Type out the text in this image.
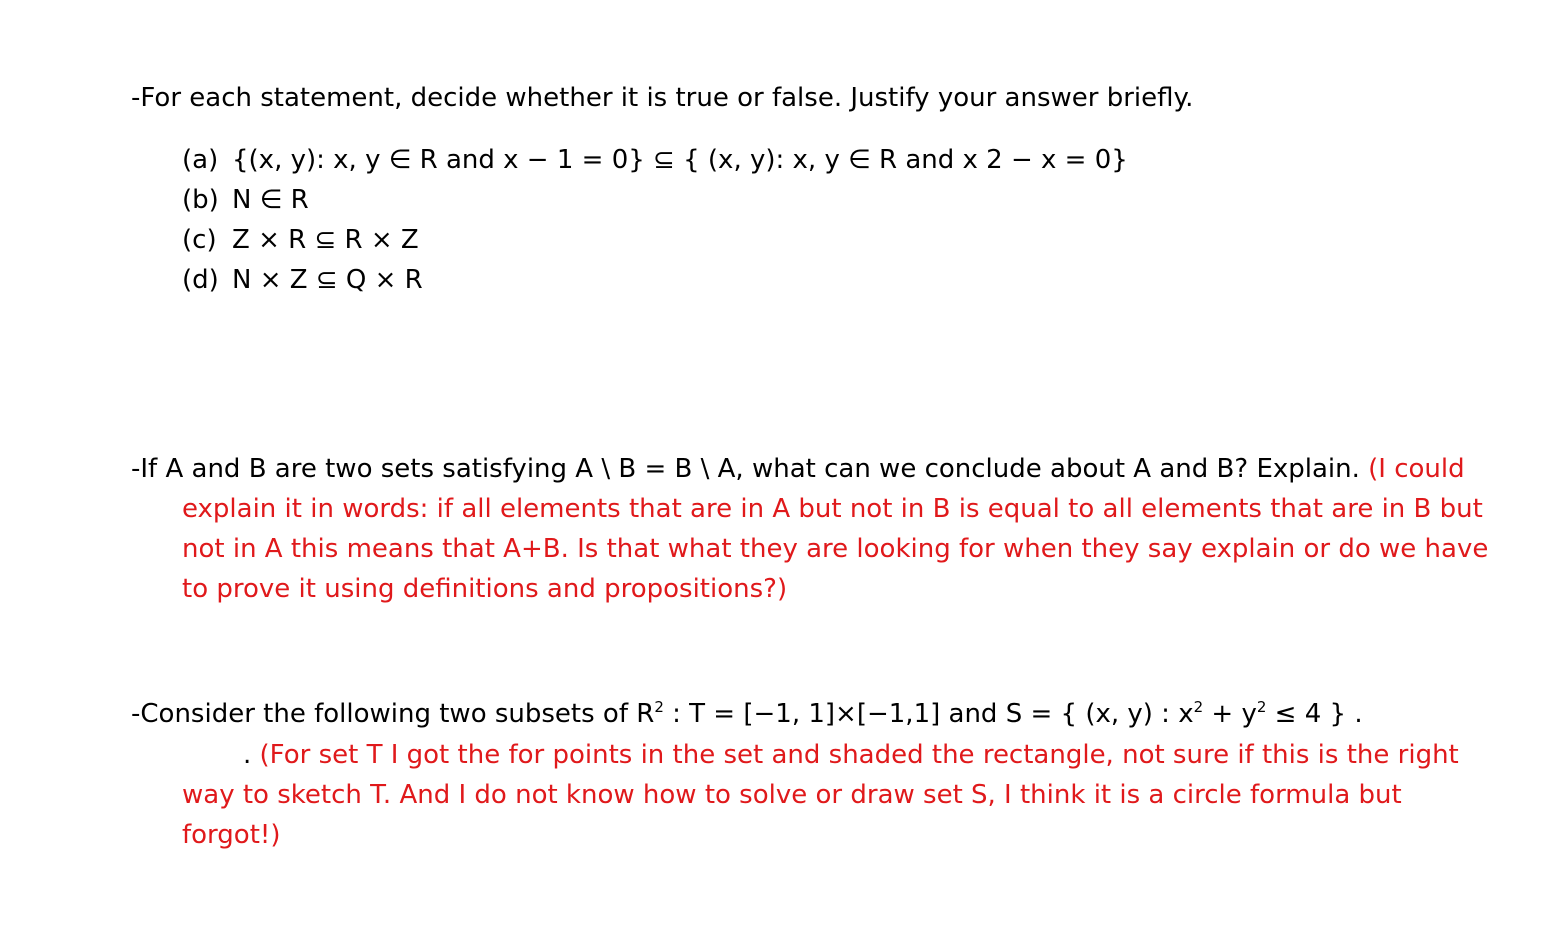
-For each statement, decide whether it is true or false. Justify your answer briefly.
(a) {(x, y): x, y ∈ R and x − 1 = 0} ⊆ { (x, y): x, y ∈ R and x 2 − x = 0}
(b) N ∈ R
(c) Z × R ⊆ R × Z
(d) N × Z ⊆ Q × R
-If A and B are two sets satisfying A \ B = B \ A, what can we conclude about A and B? Explain. (I could
explain it in words: if all elements that are in A but not in B is equal to all elements that are in B but
not in A this means that A+B. Is that what they are looking for when they say explain or do we have
to prove it using definitions and propositions?)
-Consider the following two subsets of $R^2$ : T = [−1, 1]×[−1,1] and S = { (x, y) : $x^2 + y^2 \le 4$ } .
. (For set T I got the for points in the set and shaded the rectangle, not sure if this is the right
way to sketch T. And I do not know how to solve or draw set S, I think it is a circle formula but
forgot!)
